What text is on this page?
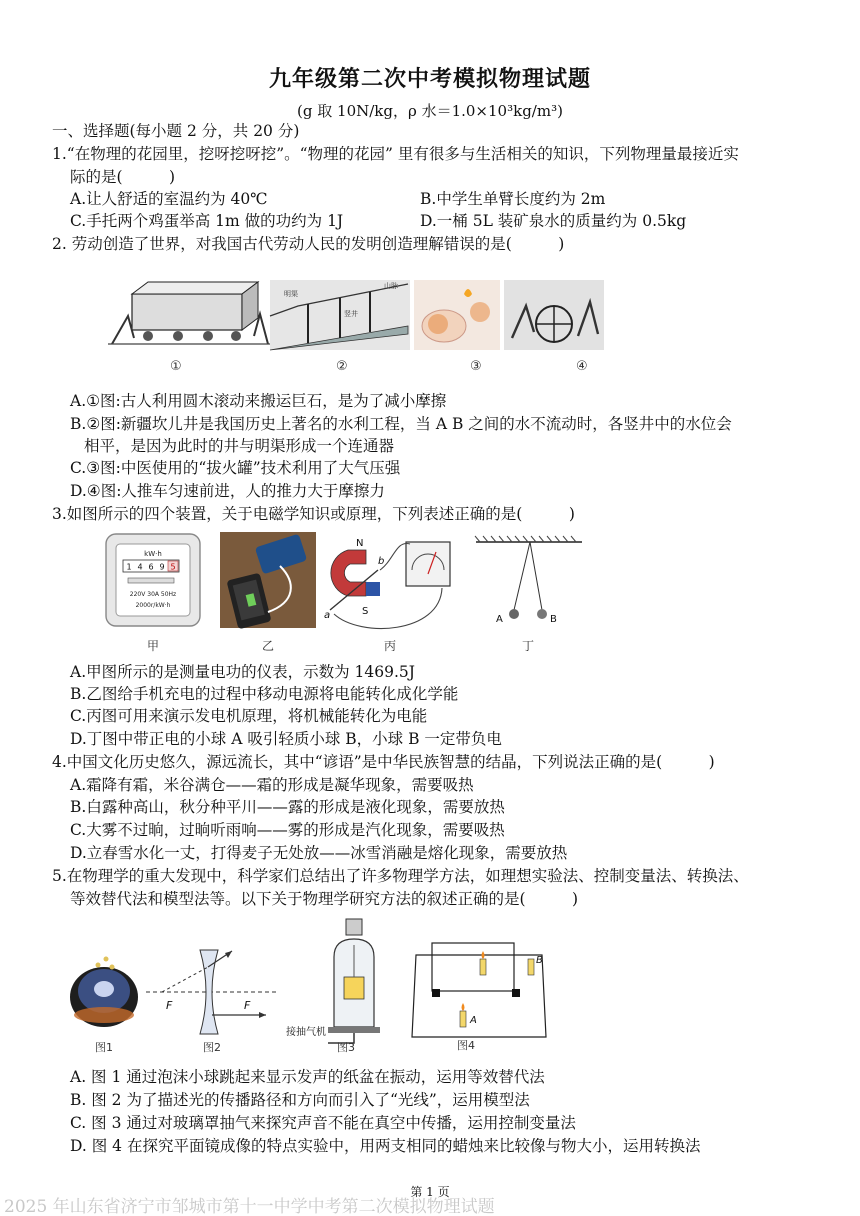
九年级第二次中考模拟物理试题
(g 取 10N/kg，ρ 水＝1.0×10³kg/m³)
一、选择题(每小题 2 分，共 20 分)
1.“在物理的花园里，挖呀挖呀挖”。“物理的花园” 里有很多与生活相关的知识，下列物理量最接近实
际的是(　　　)
A.让人舒适的室温约为 40℃	B.中学生单臂长度约为 2m
C.手托两个鸡蛋举高 1m 做的功约为 1J	D.一桶 5L 装矿泉水的质量约为 0.5kg
2. 劳动创造了世界，对我国古代劳动人民的发明创造理解错误的是(　　　)
山脉
明渠
竖井
①	②	③	④
A.①图:古人利用圆木滚动来搬运巨石，是为了减小摩擦
B.②图:新疆坎儿井是我国历史上著名的水利工程，当 A B 之间的水不流动时，各竖井中的水位会
相平，是因为此时的井与明渠形成一个连通器
C.③图:中医使用的“拔火罐”技术利用了大气压强
D.④图:人推车匀速前进，人的推力大于摩擦力
3.如图所示的四个装置，关于电磁学知识或原理，下列表述正确的是(　　　)
kW·h
1 4 6 9 5
220V 30A 50Hz
2000r/kW·h
N
S
a
b
A	B
甲	乙	丙	丁
A.甲图所示的是测量电功的仪表，示数为 1469.5J
B.乙图给手机充电的过程中移动电源将电能转化成化学能
C.丙图可用来演示发电机原理，将机械能转化为电能
D.丁图中带正电的小球 A 吸引轻质小球 B，小球 B 一定带负电
4.中国文化历史悠久，源远流长，其中“谚语”是中华民族智慧的结晶，下列说法正确的是(　　　)
A.霜降有霜，米谷满仓——霜的形成是凝华现象，需要吸热
B.白露种高山，秋分种平川——露的形成是液化现象，需要放热
C.大雾不过晌，过晌听雨响——雾的形成是汽化现象，需要吸热
D.立春雪水化一丈，打得麦子无处放——冰雪消融是熔化现象，需要放热
5.在物理学的重大发现中，科学家们总结出了许多物理学方法，如理想实验法、控制变量法、转换法、
等效替代法和模型法等。以下关于物理学研究方法的叙述正确的是(　　　)
F	F
接抽气机
B
A
图1	图2	图3	图4
A. 图 1 通过泡沫小球跳起来显示发声的纸盆在振动，运用等效替代法
B. 图 2 为了描述光的传播路径和方向而引入了“光线”，运用模型法
C. 图 3 通过对玻璃罩抽气来探究声音不能在真空中传播，运用控制变量法
D. 图 4 在探究平面镜成像的特点实验中，用两支相同的蜡烛来比较像与物大小，运用转换法
第 1 页
2025 年山东省济宁市邹城市第十一中学中考第二次模拟物理试题
